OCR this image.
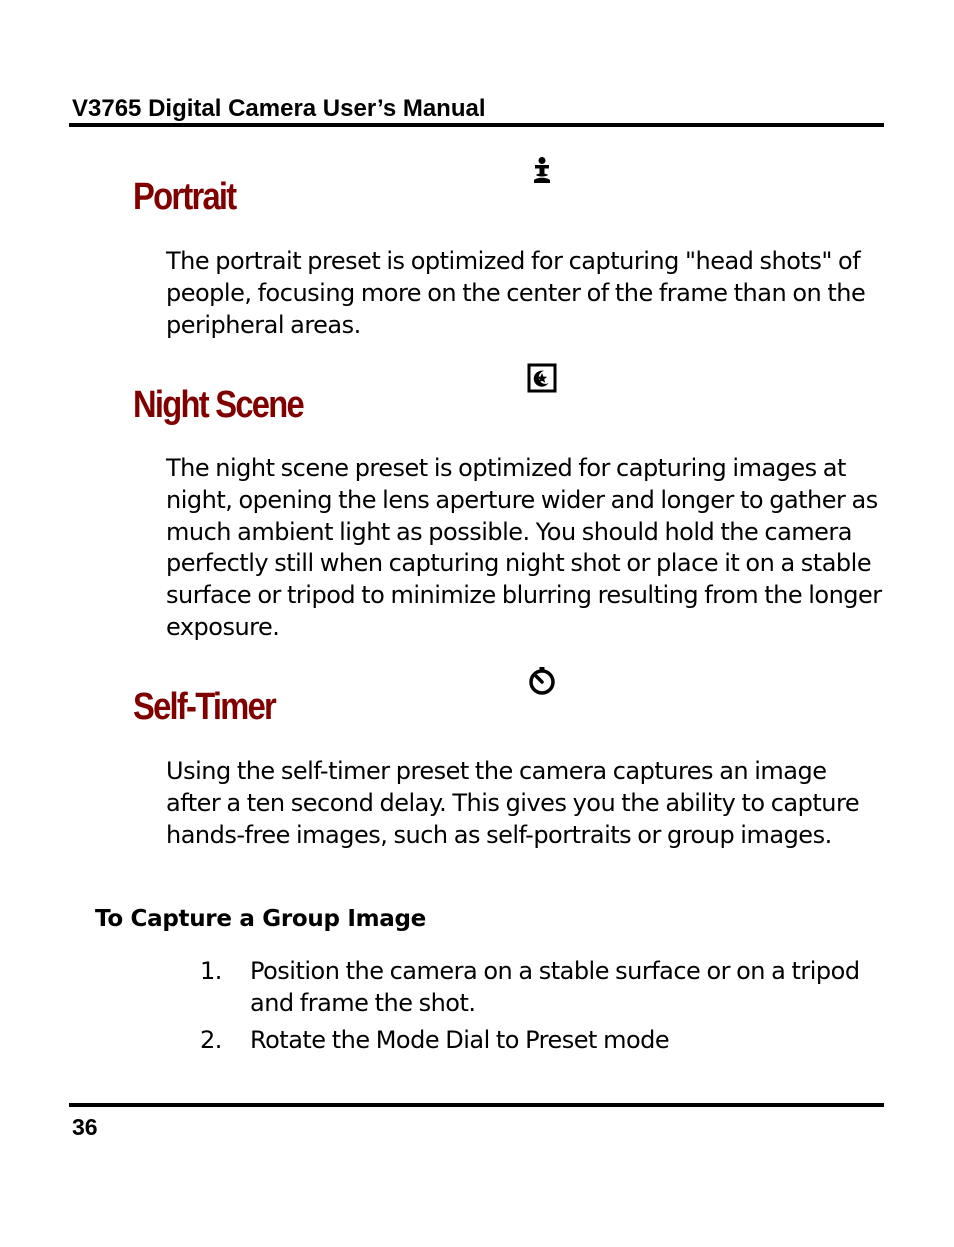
V3765 Digital Camera User’s Manual
Portrait

The portrait preset is optimized for capturing "head shots" of people, focusing more on the center of the frame than on the peripheral areas.

Night Scene

The night scene preset is optimized for capturing images at night, opening the lens aperture wider and longer to gather as much ambient light as possible. You should hold the camera perfectly still when capturing night shot or place it on a stable surface or tripod to minimize blurring resulting from the longer exposure.

Self-Timer

Using the self-timer preset the camera captures an image after a ten second delay. This gives you the ability to capture hands-free images, such as self-portraits or group images.

To Capture a Group Image
1.	Position the camera on a stable surface or on a tripod and frame the shot.
2.	Rotate the Mode Dial to Preset mode
36
